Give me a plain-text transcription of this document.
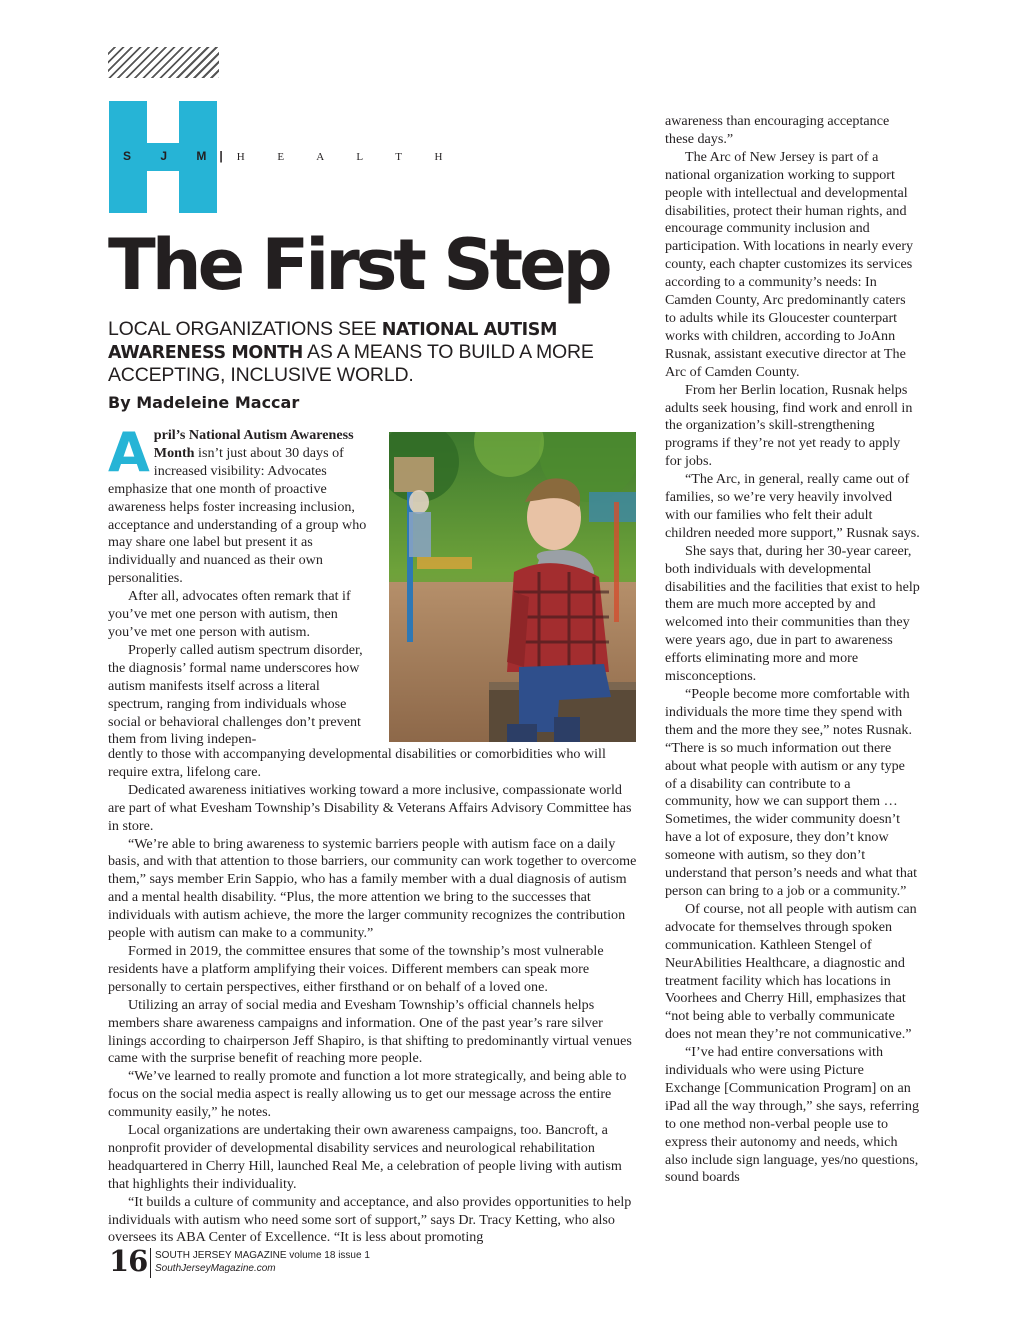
S J M| H E A L T H
The First Step
LOCAL ORGANIZATIONS SEE NATIONAL AUTISM AWARENESS MONTH AS A MEANS TO BUILD A MORE ACCEPTING, INCLUSIVE WORLD.
By Madeleine Maccar

April’s National Autism Awareness Month isn’t just about 30 days of increased visibility: Advocates emphasize that one month of proactive awareness helps foster increasing inclusion, acceptance and understanding of a group who may share one label but present it as individually and nuanced as their own personalities.

After all, advocates often remark that if you’ve met one person with autism, then you’ve met one person with autism.

Properly called autism spectrum disorder, the diagnosis’ formal name underscores how autism manifests itself across a literal spectrum, ranging from individuals whose social or behavioral challenges don’t prevent them from living indepen-

dently to those with accompanying developmental disabilities or comorbidities who will require extra, lifelong care.

Dedicated awareness initiatives working toward a more inclusive, compassionate world are part of what Evesham Township’s Disability & Veterans Affairs Advisory Committee has in store.

“We’re able to bring awareness to systemic barriers people with autism face on a daily basis, and with that attention to those barriers, our community can work together to overcome them,” says member Erin Sappio, who has a family member with a dual diagnosis of autism and a mental health disability. “Plus, the more attention we bring to the successes that individuals with autism achieve, the more the larger community recognizes the contribution people with autism can make to a community.”

Formed in 2019, the committee ensures that some of the township’s most vulnerable residents have a platform amplifying their voices. Different members can speak more personally to certain perspectives, either firsthand or on behalf of a loved one.

Utilizing an array of social media and Evesham Township’s official channels helps members share awareness campaigns and information. One of the past year’s rare silver linings according to chairperson Jeff Shapiro, is that shifting to predominantly virtual venues came with the surprise benefit of reaching more people.

“We’ve learned to really promote and function a lot more strategically, and being able to focus on the social media aspect is really allowing us to get our message across the entire community easily,” he notes.

Local organizations are undertaking their own awareness campaigns, too. Bancroft, a nonprofit provider of developmental disability services and neurological rehabilitation headquartered in Cherry Hill, launched Real Me, a celebration of people living with autism that highlights their individuality.

“It builds a culture of community and acceptance, and also provides opportunities to help individuals with autism who need some sort of support,” says Dr. Tracy Ketting, who also oversees its ABA Center of Excellence. “It is less about promoting

awareness than encouraging acceptance these days.”

The Arc of New Jersey is part of a national organization working to support people with intellectual and developmental disabilities, protect their human rights, and encourage community inclusion and participation. With locations in nearly every county, each chapter customizes its services according to a community’s needs: In Camden County, Arc predominantly caters to adults while its Gloucester counterpart works with children, according to JoAnn Rusnak, assistant executive director at The Arc of Camden County.

From her Berlin location, Rusnak helps adults seek housing, find work and enroll in the organization’s skill-strengthening programs if they’re not yet ready to apply for jobs.

“The Arc, in general, really came out of families, so we’re very heavily involved with our families who felt their adult children needed more support,” Rusnak says.

She says that, during her 30-year career, both individuals with developmental disabilities and the facilities that exist to help them are much more accepted by and welcomed into their communities than they were years ago, due in part to awareness efforts eliminating more and more misconceptions.

“People become more comfortable with individuals the more time they spend with them and the more they see,” notes Rusnak. “There is so much information out there about what people with autism or any type of a disability can contribute to a community, how we can support them … Sometimes, the wider community doesn’t have a lot of exposure, they don’t know someone with autism, so they don’t understand that person’s needs and what that person can bring to a job or a community.”

Of course, not all people with autism can advocate for themselves through spoken communication. Kathleen Stengel of NeurAbilities Healthcare, a diagnostic and treatment facility which has locations in Voorhees and Cherry Hill, emphasizes that “not being able to verbally communicate does not mean they’re not communicative.”

“I’ve had entire conversations with individuals who were using Picture Exchange [Communication Program] on an iPad all the way through,” she says, referring to one method non-verbal people use to express their autonomy and needs, which also include sign language, yes/no questions, sound boards

16 SOUTH JERSEY MAGAZINE volume 18 issue 1
SouthJerseyMagazine.com
